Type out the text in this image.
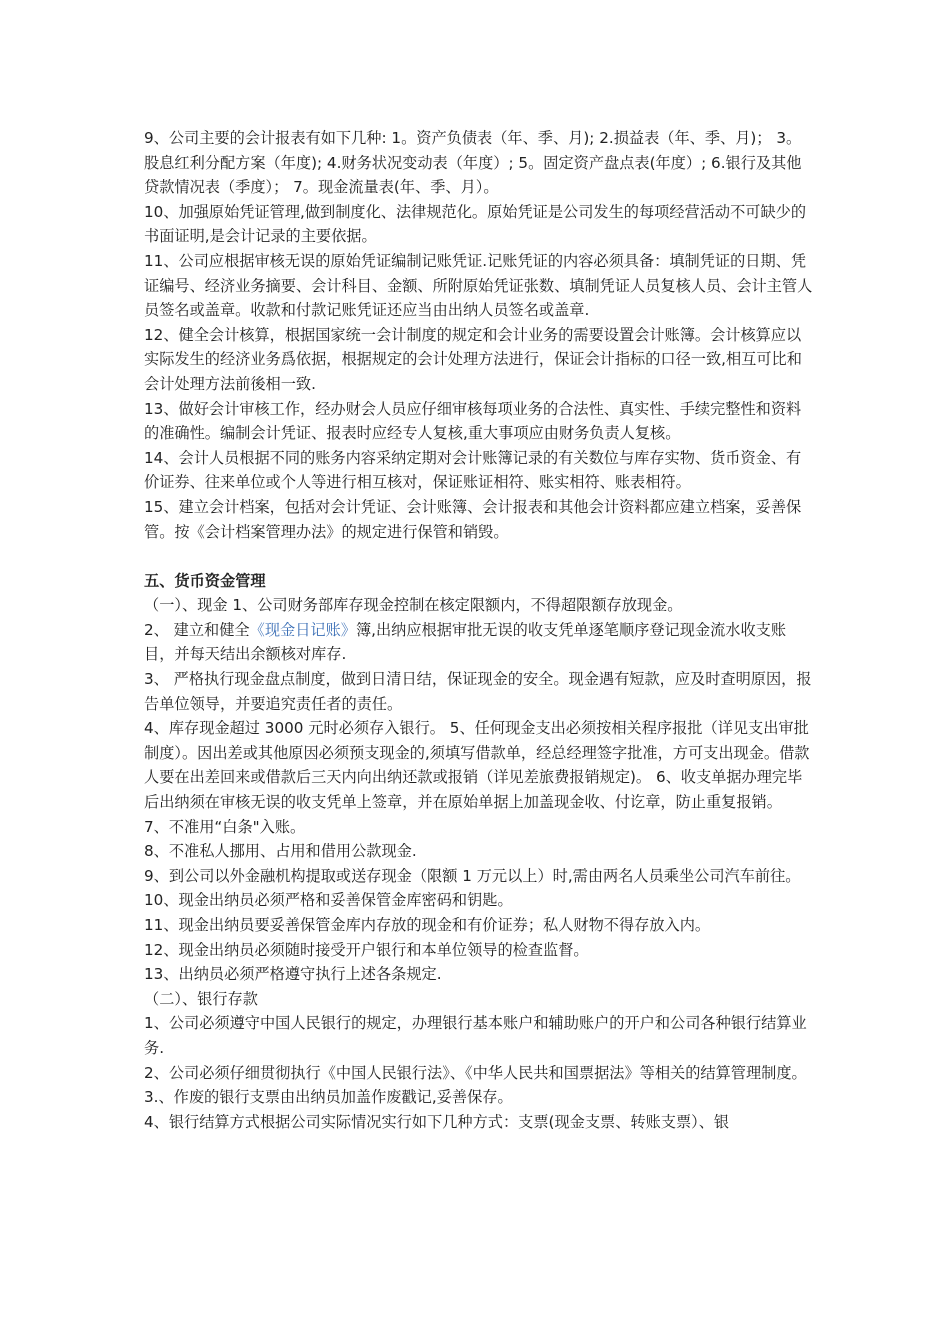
9、公司主要的会计报表有如下几种: 1。资产负债表（年、季、月); 2.损益表（年、季、月)； 3。股息红利分配方案（年度); 4.财务状况变动表（年度）; 5。固定资产盘点表(年度）; 6.银行及其他贷款情况表（季度）； 7。现金流量表(年、季、月）。

10、加强原始凭证管理,做到制度化、法律规范化。原始凭证是公司发生的每项经营活动不可缺少的书面证明,是会计记录的主要依据。

11、公司应根据审核无误的原始凭证编制记账凭证.记账凭证的内容必须具备：填制凭证的日期、凭证编号、经济业务摘要、会计科目、金额、所附原始凭证张数、填制凭证人员复核人员、会计主管人员签名或盖章。收款和付款记账凭证还应当由出纳人员签名或盖章.

12、健全会计核算，根据国家统一会计制度的规定和会计业务的需要设置会计账簿。会计核算应以实际发生的经济业务爲依据，根据规定的会计处理方法进行，保证会计指标的口径一致,相互可比和会计处理方法前後相一致.

13、做好会计审核工作，经办财会人员应仔细审核每项业务的合法性、真实性、手续完整性和资料的准确性。编制会计凭证、报表时应经专人复核,重大事项应由财务负责人复核。

14、会计人员根据不同的账务内容采纳定期对会计账簿记录的有关数位与库存实物、货币资金、有价证券、往来单位或个人等进行相互核对，保证账证相符、账实相符、账表相符。

15、建立会计档案，包括对会计凭证、会计账簿、会计报表和其他会计资料都应建立档案，妥善保管。按《会计档案管理办法》的规定进行保管和销毁。

五、货币资金管理

（一）、现金 1、公司财务部库存现金控制在核定限额内，不得超限额存放现金。

2、 建立和健全《现金日记账》簿,出纳应根据审批无误的收支凭单逐笔顺序登记现金流水收支账目，并每天结出余额核对库存.

3、 严格执行现金盘点制度，做到日清日结，保证现金的安全。现金遇有短款，应及时查明原因，报告单位领导，并要追究责任者的责任。

4、库存现金超过 3000 元时必须存入银行。 5、任何现金支出必须按相关程序报批（详见支出审批制度）。因出差或其他原因必须预支现金的,须填写借款单，经总经理签字批准，方可支出现金。借款人要在出差回来或借款后三天内向出纳还款或报销（详见差旅费报销规定)。 6、收支单据办理完毕后出纳须在审核无误的收支凭单上签章，并在原始单据上加盖现金收、付讫章，防止重复报销。

7、不准用“白条"入账。

8、不准私人挪用、占用和借用公款现金.

9、到公司以外金融机构提取或送存现金（限额 1 万元以上）时,需由两名人员乘坐公司汽车前往。

10、现金出纳员必须严格和妥善保管金库密码和钥匙。

11、现金出纳员要妥善保管金库内存放的现金和有价证券；私人财物不得存放入内。

12、现金出纳员必须随时接受开户银行和本单位领导的检查监督。

13、出纳员必须严格遵守执行上述各条规定.

（二）、银行存款

1、公司必须遵守中国人民银行的规定，办理银行基本账户和辅助账户的开户和公司各种银行结算业务.

2、公司必须仔细贯彻执行《中国人民银行法》、《中华人民共和国票据法》等相关的结算管理制度。

3.、作废的银行支票由出纳员加盖作废戳记,妥善保存。

4、银行结算方式根据公司实际情况实行如下几种方式：支票(现金支票、转账支票）、银
